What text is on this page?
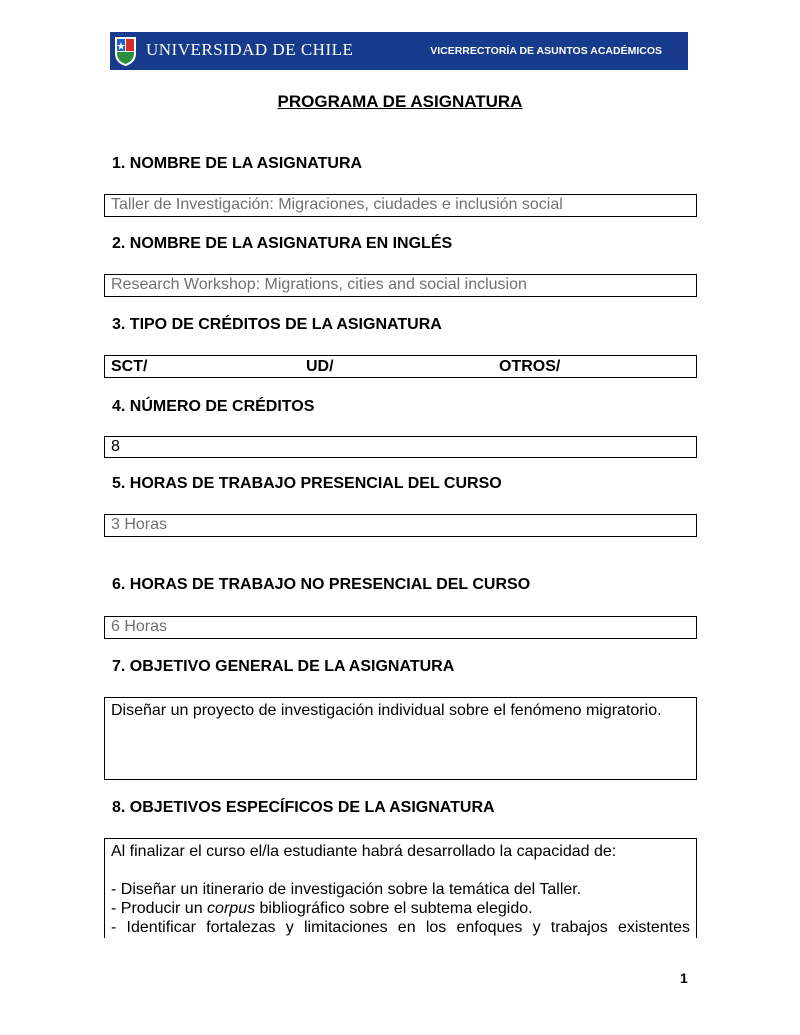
UNIVERSIDAD DE CHILE	VICERRECTORÍA DE ASUNTOS ACADÉMICOS
PROGRAMA DE ASIGNATURA
1. NOMBRE DE LA ASIGNATURA
Taller de Investigación: Migraciones, ciudades e inclusión social
2. NOMBRE DE LA ASIGNATURA EN INGLÉS
Research Workshop: Migrations, cities and social inclusion
3. TIPO DE CRÉDITOS DE LA ASIGNATURA
SCT/	UD/	OTROS/
4. NÚMERO DE CRÉDITOS
8
5. HORAS DE TRABAJO PRESENCIAL DEL CURSO
3 Horas
6. HORAS DE TRABAJO NO PRESENCIAL DEL CURSO
6 Horas
7. OBJETIVO GENERAL DE LA ASIGNATURA
Diseñar un proyecto de investigación individual sobre el fenómeno migratorio.
8. OBJETIVOS ESPECÍFICOS DE LA ASIGNATURA
Al finalizar el curso el/la estudiante habrá desarrollado la capacidad de:
- Diseñar un itinerario de investigación sobre la temática del Taller.
- Producir un corpus bibliográfico sobre el subtema elegido.
- Identificar fortalezas y limitaciones en los enfoques y trabajos existentes
1
